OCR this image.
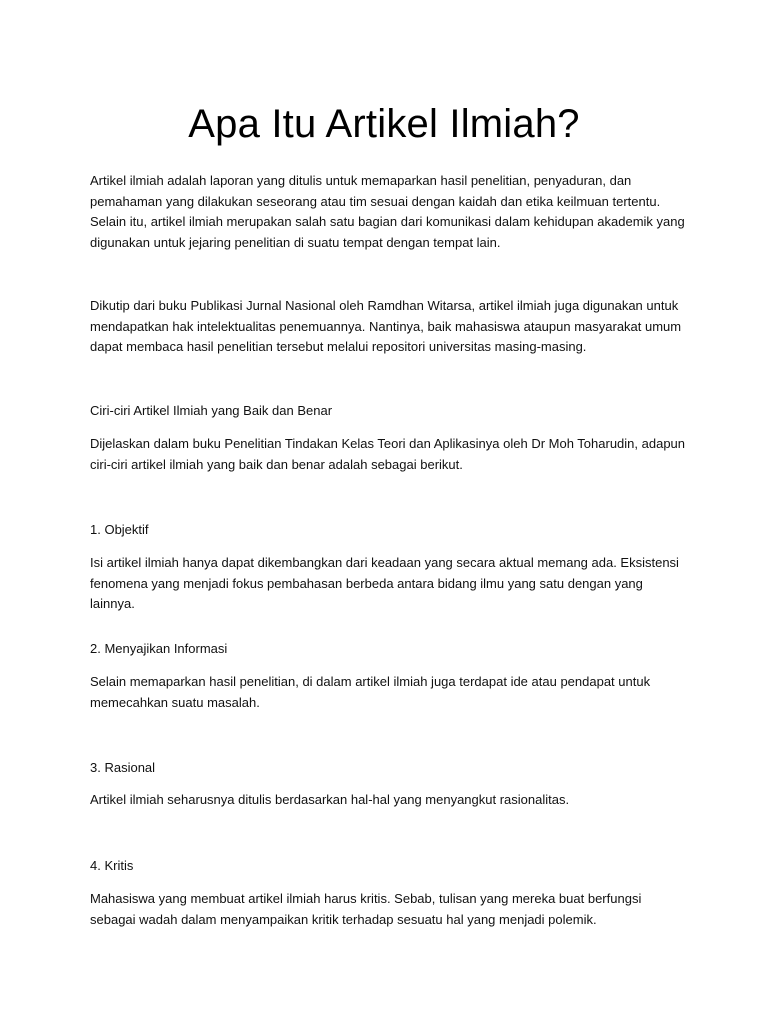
Apa Itu Artikel Ilmiah?

Artikel ilmiah adalah laporan yang ditulis untuk memaparkan hasil penelitian, penyaduran, dan pemahaman yang dilakukan seseorang atau tim sesuai dengan kaidah dan etika keilmuan tertentu. Selain itu, artikel ilmiah merupakan salah satu bagian dari komunikasi dalam kehidupan akademik yang digunakan untuk jejaring penelitian di suatu tempat dengan tempat lain.

Dikutip dari buku Publikasi Jurnal Nasional oleh Ramdhan Witarsa, artikel ilmiah juga digunakan untuk mendapatkan hak intelektualitas penemuannya. Nantinya, baik mahasiswa ataupun masyarakat umum dapat membaca hasil penelitian tersebut melalui repositori universitas masing-masing.

Ciri-ciri Artikel Ilmiah yang Baik dan Benar

Dijelaskan dalam buku Penelitian Tindakan Kelas Teori dan Aplikasinya oleh Dr Moh Toharudin, adapun ciri-ciri artikel ilmiah yang baik dan benar adalah sebagai berikut.

1. Objektif

Isi artikel ilmiah hanya dapat dikembangkan dari keadaan yang secara aktual memang ada. Eksistensi fenomena yang menjadi fokus pembahasan berbeda antara bidang ilmu yang satu dengan yang lainnya.

2. Menyajikan Informasi

Selain memaparkan hasil penelitian, di dalam artikel ilmiah juga terdapat ide atau pendapat untuk memecahkan suatu masalah.

3. Rasional

Artikel ilmiah seharusnya ditulis berdasarkan hal-hal yang menyangkut rasionalitas.

4. Kritis

Mahasiswa yang membuat artikel ilmiah harus kritis. Sebab, tulisan yang mereka buat berfungsi sebagai wadah dalam menyampaikan kritik terhadap sesuatu hal yang menjadi polemik.
